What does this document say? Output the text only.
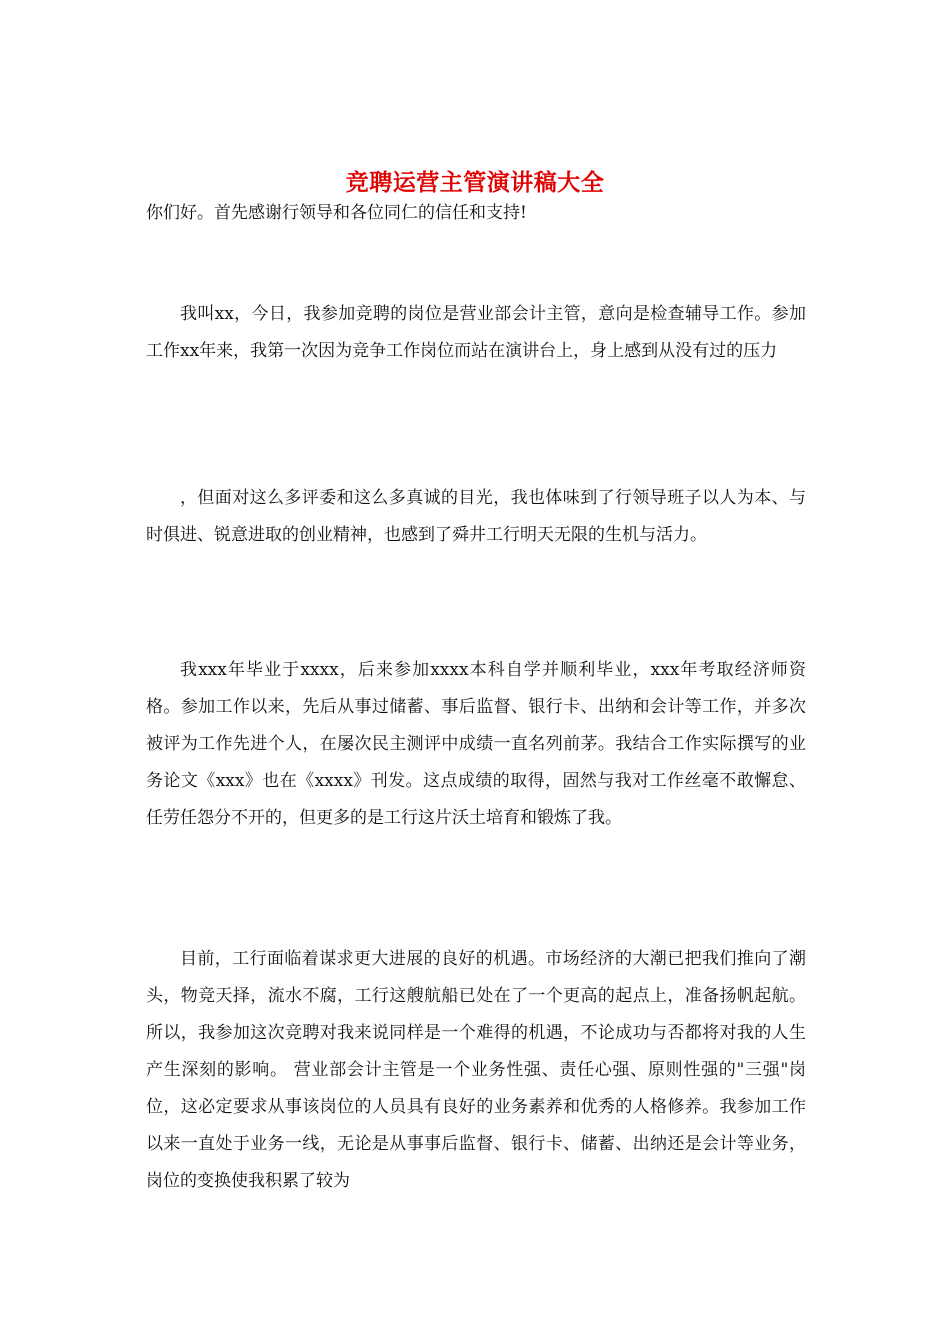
竞聘运营主管演讲稿大全

你们好。首先感谢行领导和各位同仁的信任和支持!

我叫xx，今日，我参加竞聘的岗位是营业部会计主管，意向是检查辅导工作。参加工作xx年来，我第一次因为竞争工作岗位而站在演讲台上，身上感到从没有过的压力

，但面对这么多评委和这么多真诚的目光，我也体味到了行领导班子以人为本、与时俱进、锐意进取的创业精神，也感到了舜井工行明天无限的生机与活力。

我xxx年毕业于xxxx，后来参加xxxx本科自学并顺利毕业，xxx年考取经济师资格。参加工作以来，先后从事过储蓄、事后监督、银行卡、出纳和会计等工作，并多次被评为工作先进个人，在屡次民主测评中成绩一直名列前茅。我结合工作实际撰写的业务论文《xxx》也在《xxxx》刊发。这点成绩的取得，固然与我对工作丝毫不敢懈怠、任劳任怨分不开的，但更多的是工行这片沃土培育和锻炼了我。

目前，工行面临着谋求更大进展的良好的机遇。市场经济的大潮已把我们推向了潮头，物竞天择，流水不腐，工行这艘航船已处在了一个更高的起点上，准备扬帆起航。所以，我参加这次竞聘对我来说同样是一个难得的机遇，不论成功与否都将对我的人生产生深刻的影响。 营业部会计主管是一个业务性强、责任心强、原则性强的"三强"岗位，这必定要求从事该岗位的人员具有良好的业务素养和优秀的人格修养。我参加工作以来一直处于业务一线，无论是从事事后监督、银行卡、储蓄、出纳还是会计等业务，岗位的变换使我积累了较为
